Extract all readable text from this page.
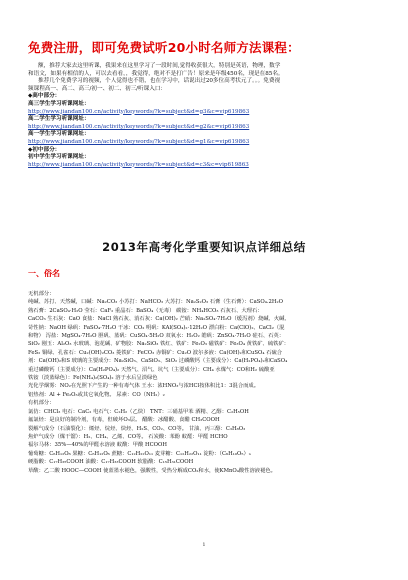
免费注册，即可免费试听20小时名师方法课程：

额，推荐大家去这里听课，我果来在这里学习了一段时间,觉得收获很大，特别是英语，物理，数学

和语文，如果有相信的人，可以去看看，，我觉得，绝对不是打广告！原来是年级450名，现是在85名。

推荐几个免费学习的视频，个人觉得也不错，也在学习中，话说出过20多位高考状元了。。。免费视

频课程高一、高二、高三/初一、初二、初三/听课入口：

◆高中部分：

高三学生学习听课网址：

http://www.jiandan100.cn/activity/keywords/?k=subject&d=g3&c=vip619863

高二学生学习听课网址：

http://www.jiandan100.cn/activity/keywords/?k=subject&d=g2&c=vip619863

高一学生学习听课网址：

http://www.jiandan100.cn/activity/keywords/?k=subject&d=g1&c=vip619863

◆初中部分：

初中学生学习听课网址：

http://www.jiandan100.cn/activity/keywords/?k=subject&d=c3&c=vip619863
2013年高考化学重要知识点详细总结
一、俗名

无机部分：

纯碱、苏打、天然碱，口碱：Na₂CO₃ 小苏打：NaHCO₃ 大苏打：Na₂S₂O₃ 石膏（生石膏）：CaSO₄.2H₂O

熟石膏：2CaSO₄·H₂O 莹石：CaF₂ 重晶石：BaSO₄（无毒） 碳铵：NH₄HCO₃ 石灰石、大理石：

CaCO₃ 生石灰：CaO 食盐：NaCl 熟石灰、消石灰：Ca(OH)₂ 芒硝：Na₂SO₄·7H₂O（缓泻剂）烧碱、火碱、

苛性钠：NaOH 绿矾：FaSO₄·7H₂O 干冰：CO₂ 明矾：KAl(SO₄)₂·12H₂O 漂白粉：Ca(ClO)₂、CaCl₂（混

和物） 泻盐：MgSO₄·7H₂O 胆矾、蓝矾：CuSO₄·5H₂O 双氧水：H₂O₂ 皓矾：ZnSO₄·7H₂O 硅石、石英：

SiO₂ 刚玉：Al₂O₃ 水玻璃、泡花碱、矿物胶：Na₂SiO₃ 铁红、铁矿：Fe₂O₃ 磁铁矿：Fe₃O₄ 黄铁矿、硫铁矿：

FeS₂ 铜绿、孔雀石：Cu₂(OH)₂CO₃ 菱铁矿：FeCO₃ 赤铜矿：Cu₂O 波尔多液：Ca(OH)₂和CuSO₄ 石硫合

剂：Ca(OH)₂和S 玻璃的主要成分：Na₂SiO₃、CaSiO₃、SiO₂ 过磷酸钙（主要成分）：Ca(H₂PO₄)₂和CaSO₄

重过磷酸钙（主要成分）：Ca(H₂PO₄)₂ 天然气、沼气、坑气（主要成分）：CH₄ 水煤气：CO和H₂ 硫酸亚

铁铵（淡蓝绿色）：Fe(NH₄)₂(SO₄)₂ 溶于水后呈淡绿色

光化学烟雾：NO₂在光照下产生的一种有毒气体 王水：浓HNO₃与浓HCl按体积比1：3混合而成。

铝热剂：Al + Fe₂O₃或其它氧化物。 尿素：CO（NH₂）₂

有机部分：

氯仿：CHCl₃ 电石：CaC₂ 电石气：C₂H₂（乙炔） TNT：三硝基甲苯 酒精、乙醇：C₂H₅OH

氟氯烃：是良好的制冷剂，有毒，但破坏O₃层。 醋酸：冰醋酸、食醋 CH₃COOH

裂解气成分（石油裂化）：烯烃、烷烃、炔烃、H₂S、CO₂、CO等。 甘油、丙三醇：C₃H₈O₃

焦炉气成分（煤干馏）：H₂、CH₄、乙烯、CO等。 石炭酸：苯酚 蚁醛：甲醛 HCHO

福尔马林：35%—40%的甲醛水溶液 蚁酸：甲酸 HCOOH

葡萄糖：C₆H₁₂O₆ 果糖：C₆H₁₂O₆ 蔗糖：C₁₂H₂₂O₁₁ 麦芽糖：C₁₂H₂₂O₁₁ 淀粉：（C₆H₁₀O₅）ₙ

硬脂酸：C₁₇H₃₅COOH 油酸：C₁₇H₃₃COOH 软脂酸：C₁₅H₃₁COOH

草酸：乙二酸 HOOC—COOH 使蓝墨水褪色，强酸性，受热分解成CO₂和水，使KMnO₄酸性溶液褪色。

1
